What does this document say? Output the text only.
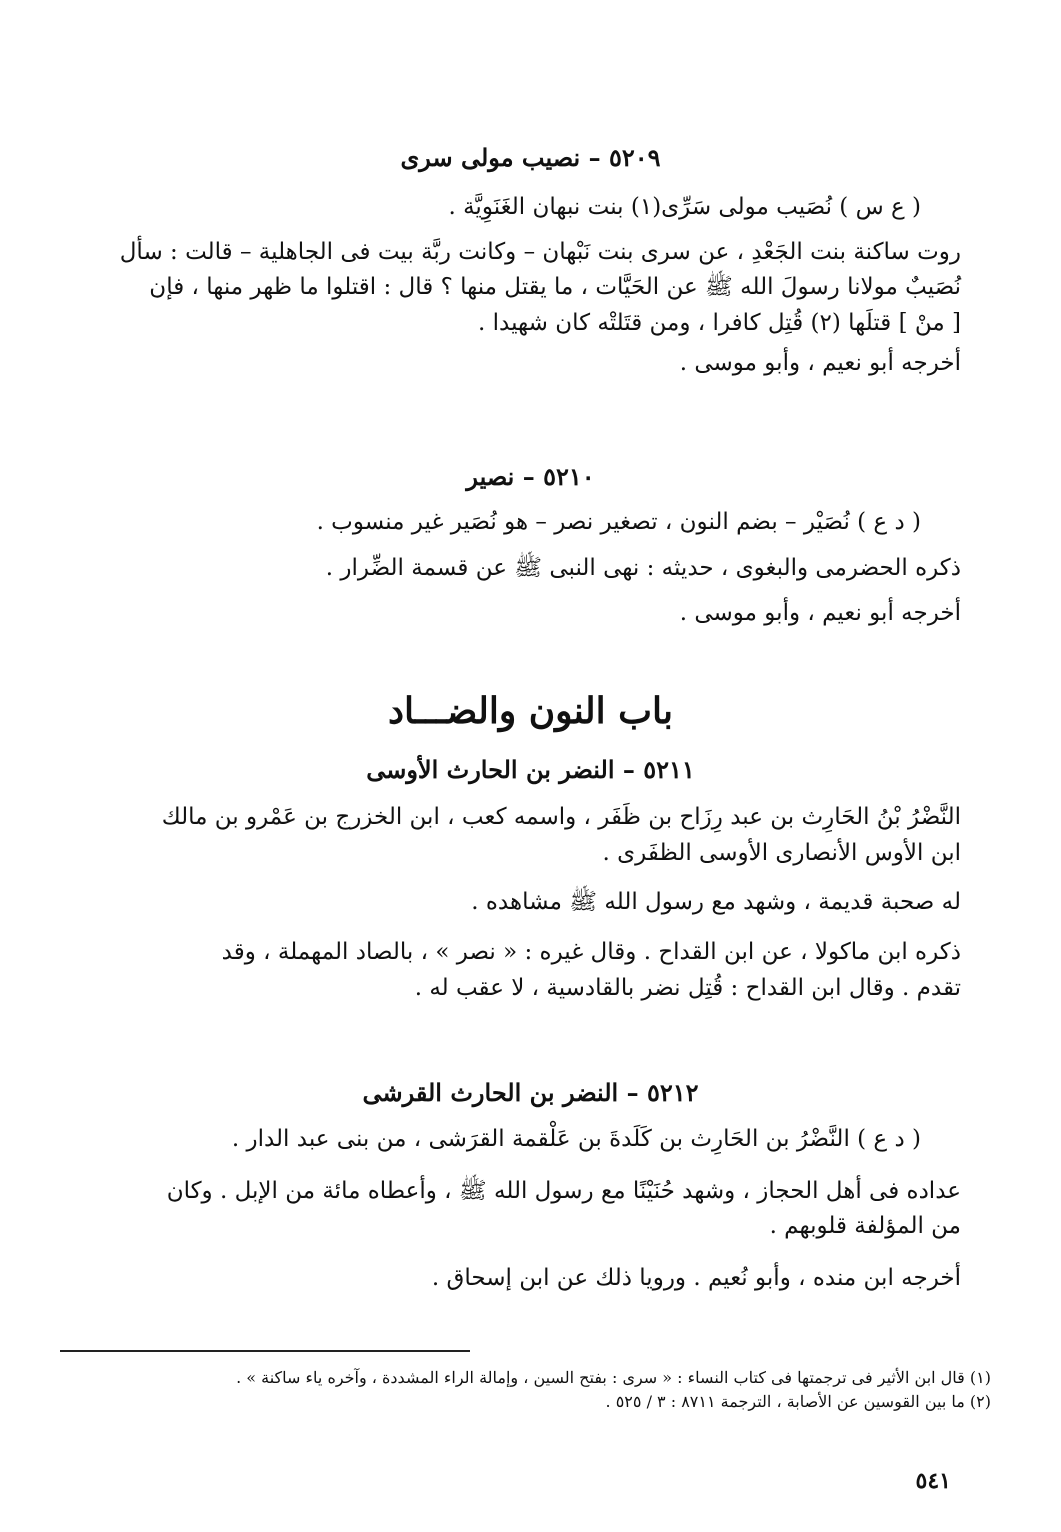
٥٢٠٩ – نصيب مولى سرى
( ع س ) نُصَيب مولى سَرِّى(١) بنت نبهان الغَنَوِيَّة .
روت ساكنة بنت الجَعْدِ ، عن سرى بنت نَبْهان – وكانت ربَّة بيت فى الجاهلية – قالت : سأل
نُصَيبٌ مولانا رسولَ الله ﷺ عن الحَيَّات ، ما يقتل منها ؟ قال : اقتلوا ما ظهر منها ، فإن
[ منْ ] قتلَها (٢) قُتِل كافرا ، ومن قتَلتْه كان شهيدا .
أخرجه أبو نعيم ، وأبو موسى .
٥٢١٠ – نصير
( د ع ) نُصَيْر – بضم النون ، تصغير نصر – هو نُصَير غير منسوب .
ذكره الحضرمى والبغوى ، حديثه : نهى النبى ﷺ عن قسمة الضِّرار .
أخرجه أبو نعيم ، وأبو موسى .
باب النون والضـــاد
٥٢١١ – النضر بن الحارث الأوسى
النَّضْرُ بْنُ الحَارِث بن عبد رِزَاح بن ظَفَر ، واسمه كعب ، ابن الخزرج بن عَمْرو بن مالك
ابن الأوس الأنصارى الأوسى الظفَرى .
له صحبة قديمة ، وشهد مع رسول الله ﷺ مشاهده .
ذكره ابن ماكولا ، عن ابن القداح . وقال غيره : « نصر » ، بالصاد المهملة ، وقد
تقدم . وقال ابن القداح : قُتِل نضر بالقادسية ، لا عقب له .
٥٢١٢ – النضر بن الحارث القرشى
( د ع ) النَّضْرُ بن الحَارِث بن كَلَدةَ بن عَلْقمة القرَشى ، من بنى عبد الدار .
عداده فى أهل الحجاز ، وشهد حُنَيْنًا مع رسول الله ﷺ ، وأعطاه مائة من الإبل . وكان
من المؤلفة قلوبهم .
أخرجه ابن منده ، وأبو نُعيم . ورويا ذلك عن ابن إسحاق .
(١) قال ابن الأثير فى ترجمتها فى كتاب النساء : « سرى : بفتح السين ، وإمالة الراء المشددة ، وآخره ياء ساكنة » .
(٢) ما بين القوسين عن الأصابة ، الترجمة ٨٧١١ : ٣ / ٥٢٥ .
٥٤١
